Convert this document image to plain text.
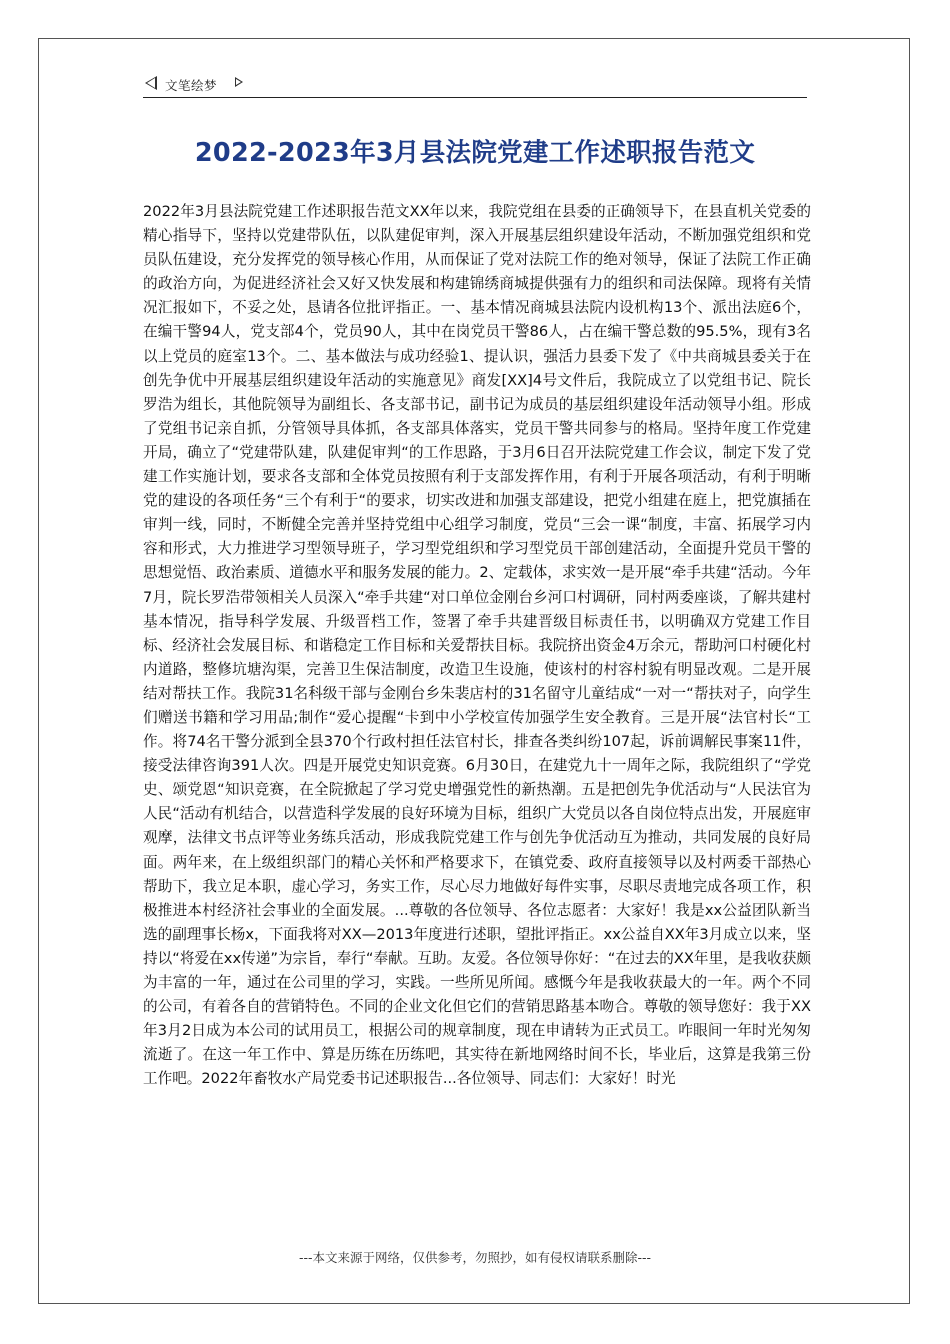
文笔绘梦
2022-2023年3月县法院党建工作述职报告范文
2022年3月县法院党建工作述职报告范文XX年以来，我院党组在县委的正确领导下，在县直机关党委的精心指导下，坚持以党建带队伍，以队建促审判，深入开展基层组织建设年活动，不断加强党组织和党员队伍建设，充分发挥党的领导核心作用，从而保证了党对法院工作的绝对领导，保证了法院工作正确的政治方向，为促进经济社会又好又快发展和构建锦绣商城提供强有力的组织和司法保障。现将有关情况汇报如下，不妥之处，恳请各位批评指正。一、基本情况商城县法院内设机构13个、派出法庭6个，在编干警94人，党支部4个，党员90人，其中在岗党员干警86人，占在编干警总数的95.5%，现有3名以上党员的庭室13个。二、基本做法与成功经验1、提认识，强活力县委下发了《中共商城县委关于在创先争优中开展基层组织建设年活动的实施意见》商发[XX]4号文件后，我院成立了以党组书记、院长罗浩为组长，其他院领导为副组长、各支部书记，副书记为成员的基层组织建设年活动领导小组。形成了党组书记亲自抓，分管领导具体抓，各支部具体落实，党员干警共同参与的格局。坚持年度工作党建开局，确立了“党建带队建，队建促审判“的工作思路，于3月6日召开法院党建工作会议，制定下发了党建工作实施计划，要求各支部和全体党员按照有利于支部发挥作用，有利于开展各项活动，有利于明晰党的建设的各项任务“三个有利于“的要求，切实改进和加强支部建设，把党小组建在庭上，把党旗插在审判一线，同时，不断健全完善并坚持党组中心组学习制度，党员“三会一课“制度，丰富、拓展学习内容和形式，大力推进学习型领导班子，学习型党组织和学习型党员干部创建活动，全面提升党员干警的思想觉悟、政治素质、道德水平和服务发展的能力。2、定载体，求实效一是开展“牵手共建“活动。今年7月，院长罗浩带领相关人员深入“牵手共建“对口单位金刚台乡河口村调研，同村两委座谈，了解共建村基本情况，指导科学发展、升级晋档工作，签署了牵手共建晋级目标责任书，以明确双方党建工作目标、经济社会发展目标、和谐稳定工作目标和关爱帮扶目标。我院挤出资金4万余元，帮助河口村硬化村内道路，整修坑塘沟渠，完善卫生保洁制度，改造卫生设施，使该村的村容村貌有明显改观。二是开展结对帮扶工作。我院31名科级干部与金刚台乡朱裴店村的31名留守儿童结成“一对一“帮扶对子，向学生们赠送书籍和学习用品;制作“爱心提醒“卡到中小学校宣传加强学生安全教育。三是开展“法官村长“工作。将74名干警分派到全县370个行政村担任法官村长，排查各类纠纷107起，诉前调解民事案11件，接受法律咨询391人次。四是开展党史知识竞赛。6月30日，在建党九十一周年之际，我院组织了“学党史、颂党恩“知识竞赛，在全院掀起了学习党史增强党性的新热潮。五是把创先争优活动与“人民法官为人民“活动有机结合，以营造科学发展的良好环境为目标，组织广大党员以各自岗位特点出发，开展庭审观摩，法律文书点评等业务练兵活动，形成我院党建工作与创先争优活动互为推动，共同发展的良好局面。两年来，在上级组织部门的精心关怀和严格要求下，在镇党委、政府直接领导以及村两委干部热心帮助下，我立足本职，虚心学习，务实工作，尽心尽力地做好每件实事，尽职尽责地完成各项工作，积极推进本村经济社会事业的全面发展。...尊敬的各位领导、各位志愿者：大家好！我是xx公益团队新当选的副理事长杨x，下面我将对XX—2013年度进行述职，望批评指正。xx公益自XX年3月成立以来，坚持以“将爱在xx传递”为宗旨，奉行“奉献。互助。友爱。各位领导你好：“在过去的XX年里，是我收获颇为丰富的一年，通过在公司里的学习，实践。一些所见所闻。感慨今年是我收获最大的一年。两个不同的公司，有着各自的营销特色。不同的企业文化但它们的营销思路基本吻合。尊敬的领导您好：我于XX年3月2日成为本公司的试用员工，根据公司的规章制度，现在申请转为正式员工。咋眼间一年时光匆匆流逝了。在这一年工作中、算是历练在历练吧，其实待在新地网络时间不长，毕业后，这算是我第三份工作吧。2022年畜牧水产局党委书记述职报告...各位领导、同志们：大家好！时光
---本文来源于网络，仅供参考，勿照抄，如有侵权请联系删除---
